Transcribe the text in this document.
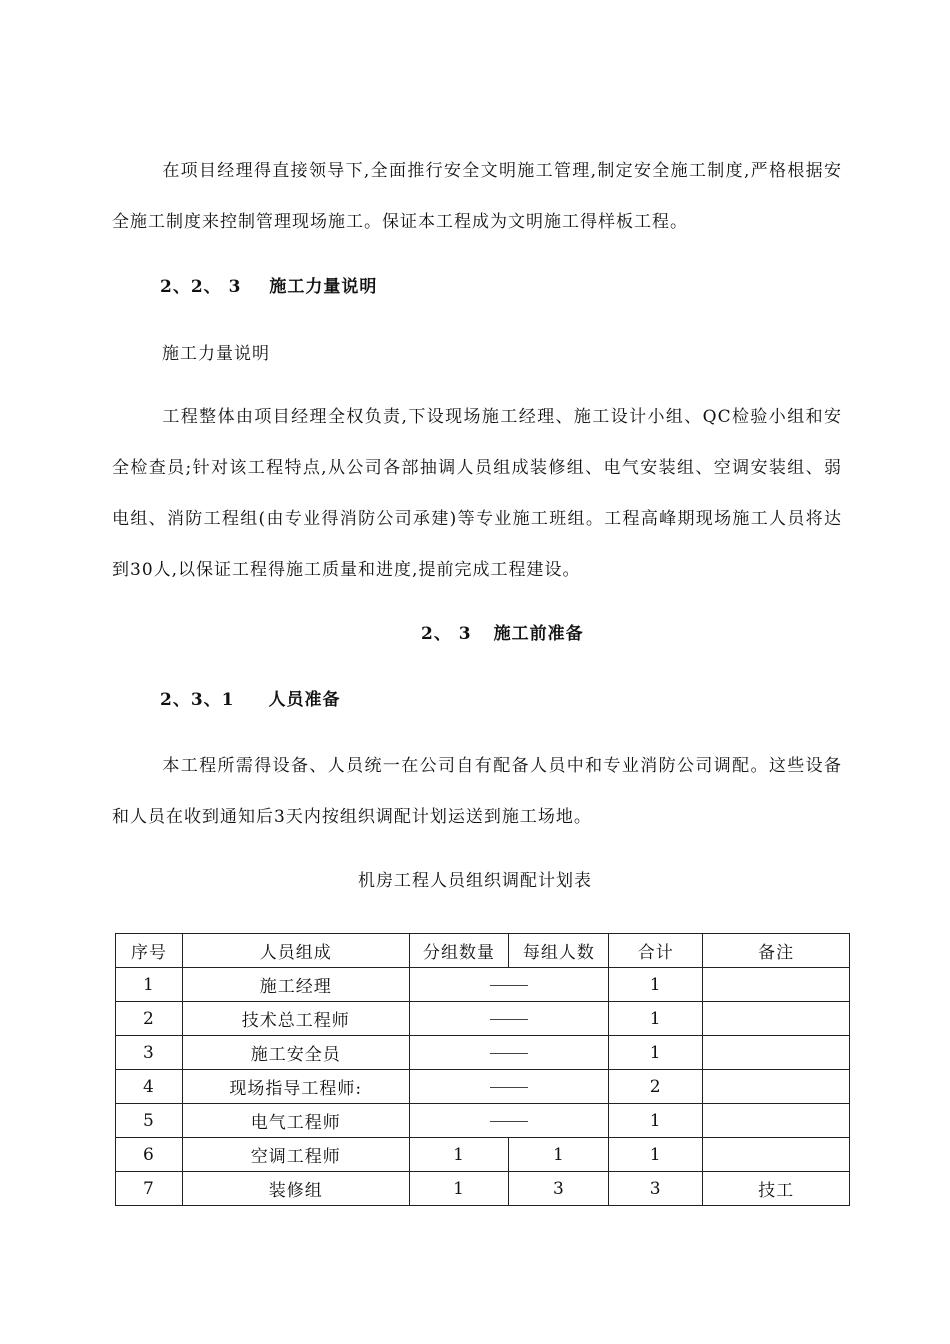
在项目经理得直接领导下,全面推行安全文明施工管理,制定安全施工制度,严格根据安全施工制度来控制管理现场施工。保证本工程成为文明施工得样板工程。

2、2、 3 施工力量说明
施工力量说明

工程整体由项目经理全权负责,下设现场施工经理、施工设计小组、QC检验小组和安全检查员;针对该工程特点,从公司各部抽调人员组成装修组、电气安装组、空调安装组、弱电组、消防工程组(由专业得消防公司承建)等专业施工班组。工程高峰期现场施工人员将达到30人,以保证工程得施工质量和进度,提前完成工程建设。

2、 3 施工前准备
2、3、1 人员准备

本工程所需得设备、人员统一在公司自有配备人员中和专业消防公司调配。这些设备和人员在收到通知后3天内按组织调配计划运送到施工场地。

机房工程人员组织调配计划表
序号	人员组成	分组数量	每组人数	合计	备注
1	施工经理			1	
2	技术总工程师			1	
3	施工安全员			1	
4	现场指导工程师:			2	
5	电气工程师			1	
6	空调工程师	1	1	1	
7	装修组	1	3	3	技工
